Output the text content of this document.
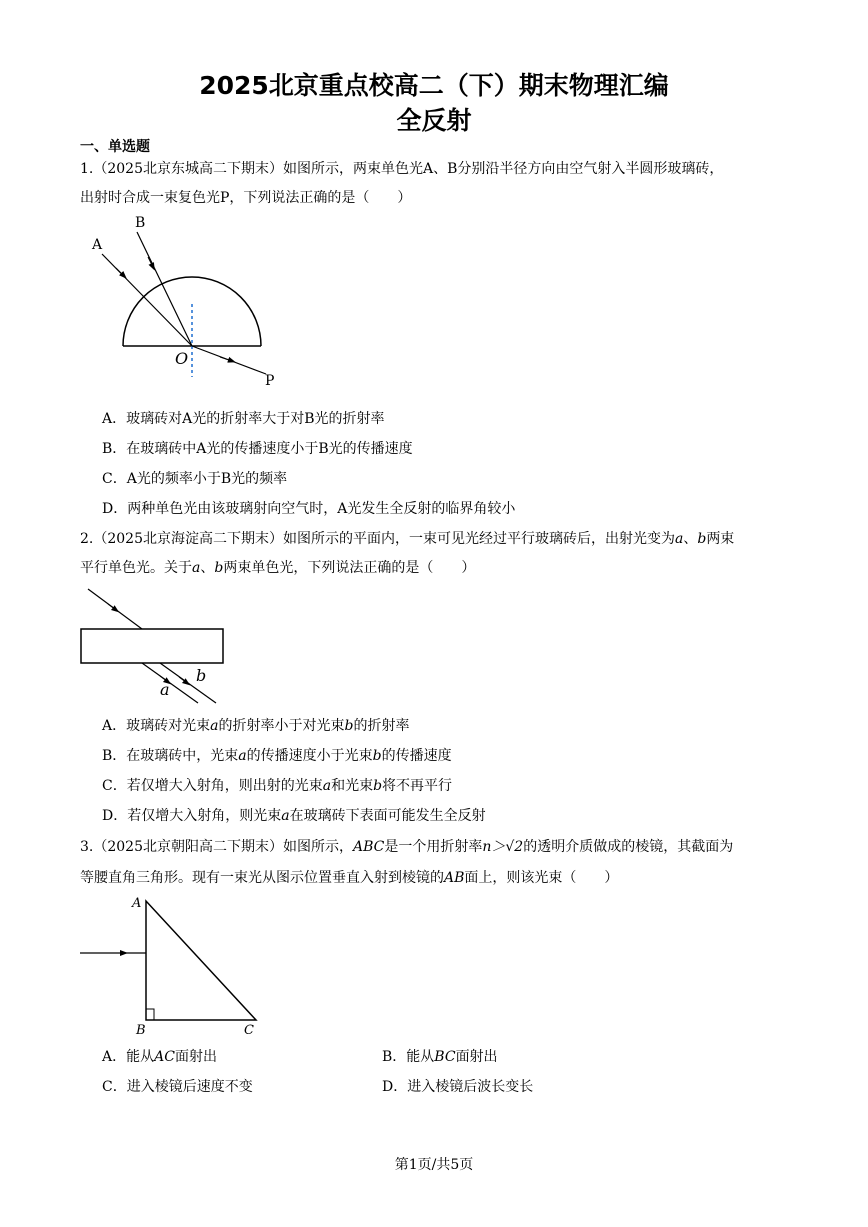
2025北京重点校高二（下）期末物理汇编
全反射
一、单选题
1.（2025北京东城高二下期末）如图所示，两束单色光A、B分别沿半径方向由空气射入半圆形玻璃砖，
出射时合成一束复色光P，下列说法正确的是（　　）
A
B
O
P
A．玻璃砖对A光的折射率大于对B光的折射率
B．在玻璃砖中A光的传播速度小于B光的传播速度
C．A光的频率小于B光的频率
D．两种单色光由该玻璃射向空气时，A光发生全反射的临界角较小
2.（2025北京海淀高二下期末）如图所示的平面内，一束可见光经过平行玻璃砖后，出射光变为a、b两束
平行单色光。关于a、b两束单色光，下列说法正确的是（　　）
a
b
A．玻璃砖对光束a的折射率小于对光束b的折射率
B．在玻璃砖中，光束a的传播速度小于光束b的传播速度
C．若仅增大入射角，则出射的光束a和光束b将不再平行
D．若仅增大入射角，则光束a在玻璃砖下表面可能发生全反射
3.（2025北京朝阳高二下期末）如图所示，ABC是一个用折射率n＞√2的透明介质做成的棱镜，其截面为
等腰直角三角形。现有一束光从图示位置垂直入射到棱镜的AB面上，则该光束（　　）
A
B	C
A．能从AC面射出	B．能从BC面射出
C．进入棱镜后速度不变	D．进入棱镜后波长变长
第1页/共5页
